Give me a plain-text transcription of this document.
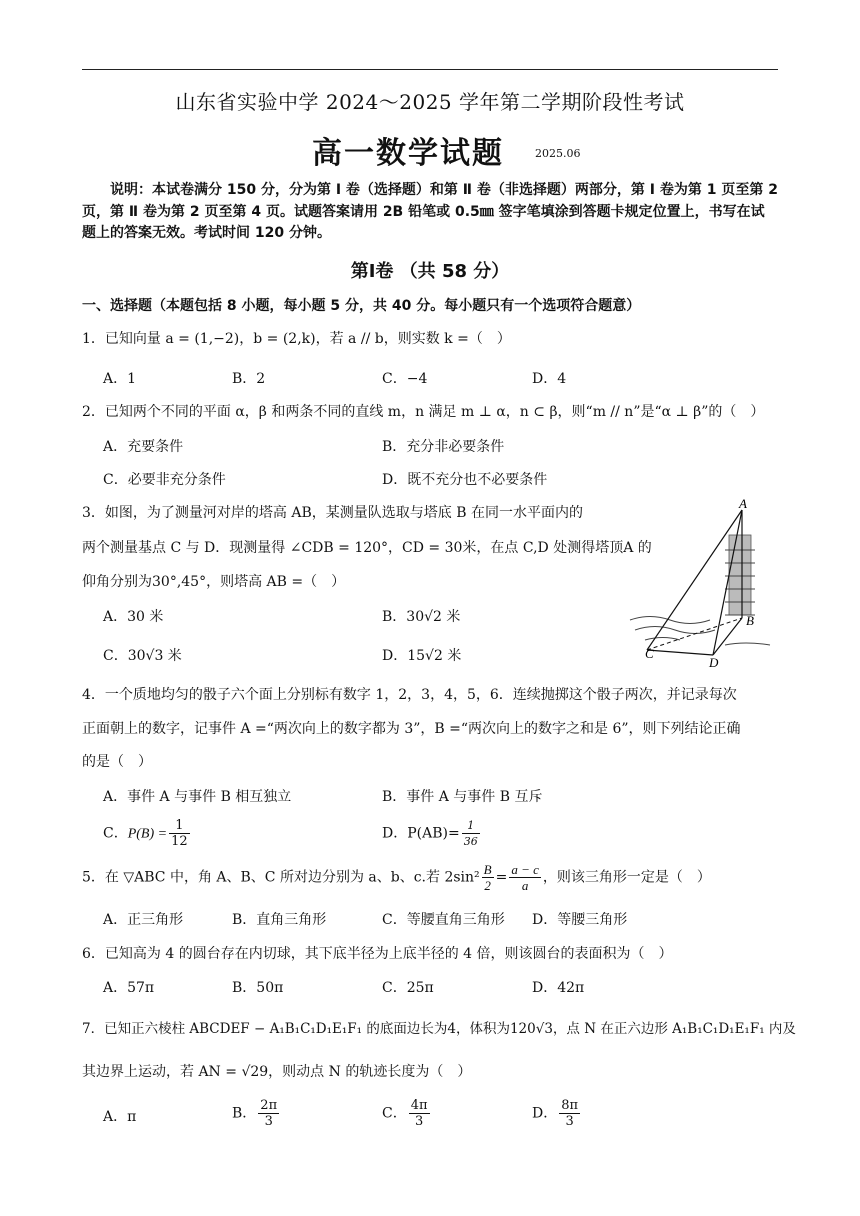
山东省实验中学 2024～2025 学年第二学期阶段性考试
高一数学试题	2025.06
说明：本试卷满分 150 分，分为第 Ⅰ 卷（选择题）和第 Ⅱ 卷（非选择题）两部分，第 Ⅰ 卷为第 1 页至第 2 页，第 Ⅱ 卷为第 2 页至第 4 页。试题答案请用 2B 铅笔或 0.5㎜ 签字笔填涂到答题卡规定位置上，书写在试题上的答案无效。考试时间 120 分钟。
第Ⅰ卷 （共 58 分）
一、选择题（本题包括 8 小题，每小题 5 分，共 40 分。每小题只有一个选项符合题意）
1．已知向量 a = (1,−2)，b = (2,k)，若 a // b，则实数 k =（　）
A．1	B．2	C．−4	D．4
2．已知两个不同的平面 α，β 和两条不同的直线 m，n 满足 m ⊥ α，n ⊂ β，则“m // n”是“α ⊥ β”的（　）
A．充要条件	B．充分非必要条件
C．必要非充分条件	D．既不充分也不必要条件
3．如图，为了测量河对岸的塔高 AB，某测量队选取与塔底 B 在同一水平面内的
两个测量基点 C 与 D．现测量得 ∠CDB = 120°，CD = 30米，在点 C,D 处测得塔顶A 的
仰角分别为30°,45°，则塔高 AB =（　）
A．30 米	B．30√2 米
C．30√3 米	D．15√2 米
A
B
C
D
4．一个质地均匀的骰子六个面上分别标有数字 1，2，3，4，5，6．连续抛掷这个骰子两次，并记录每次
正面朝上的数字，记事件 A =“两次向上的数字都为 3”，B =“两次向上的数字之和是 6”，则下列结论正确
的是（　）
A．事件 A 与事件 B 相互独立	B．事件 A 与事件 B 互斥
C．$P(B) = \frac{1}{12}$	D．$P(AB)= \frac{1}{36}$
5．在 ▽ABC 中，角 A、B、C 所对边分别为 a、b、c.若 $2\sin^2 \frac{B}{2} = \frac{a - c}{a}$ ，则该三角形一定是（　）
A．正三角形	B．直角三角形	C．等腰直角三角形 D．等腰三角形
6．已知高为 4 的圆台存在内切球，其下底半径为上底半径的 4 倍，则该圆台的表面积为（　）
A．57π	B．50π	C．25π	D．42π
7．已知正六棱柱 ABCDEF − A₁B₁C₁D₁E₁F₁ 的底面边长为4，体积为120√3，点 N 在正六边形 A₁B₁C₁D₁E₁F₁ 内及
其边界上运动，若 AN = √29，则动点 N 的轨迹长度为（　）
A．π	B． $\frac{2\pi}{3}$	C． $\frac{4\pi}{3}$	D． $\frac{8\pi}{3}$
